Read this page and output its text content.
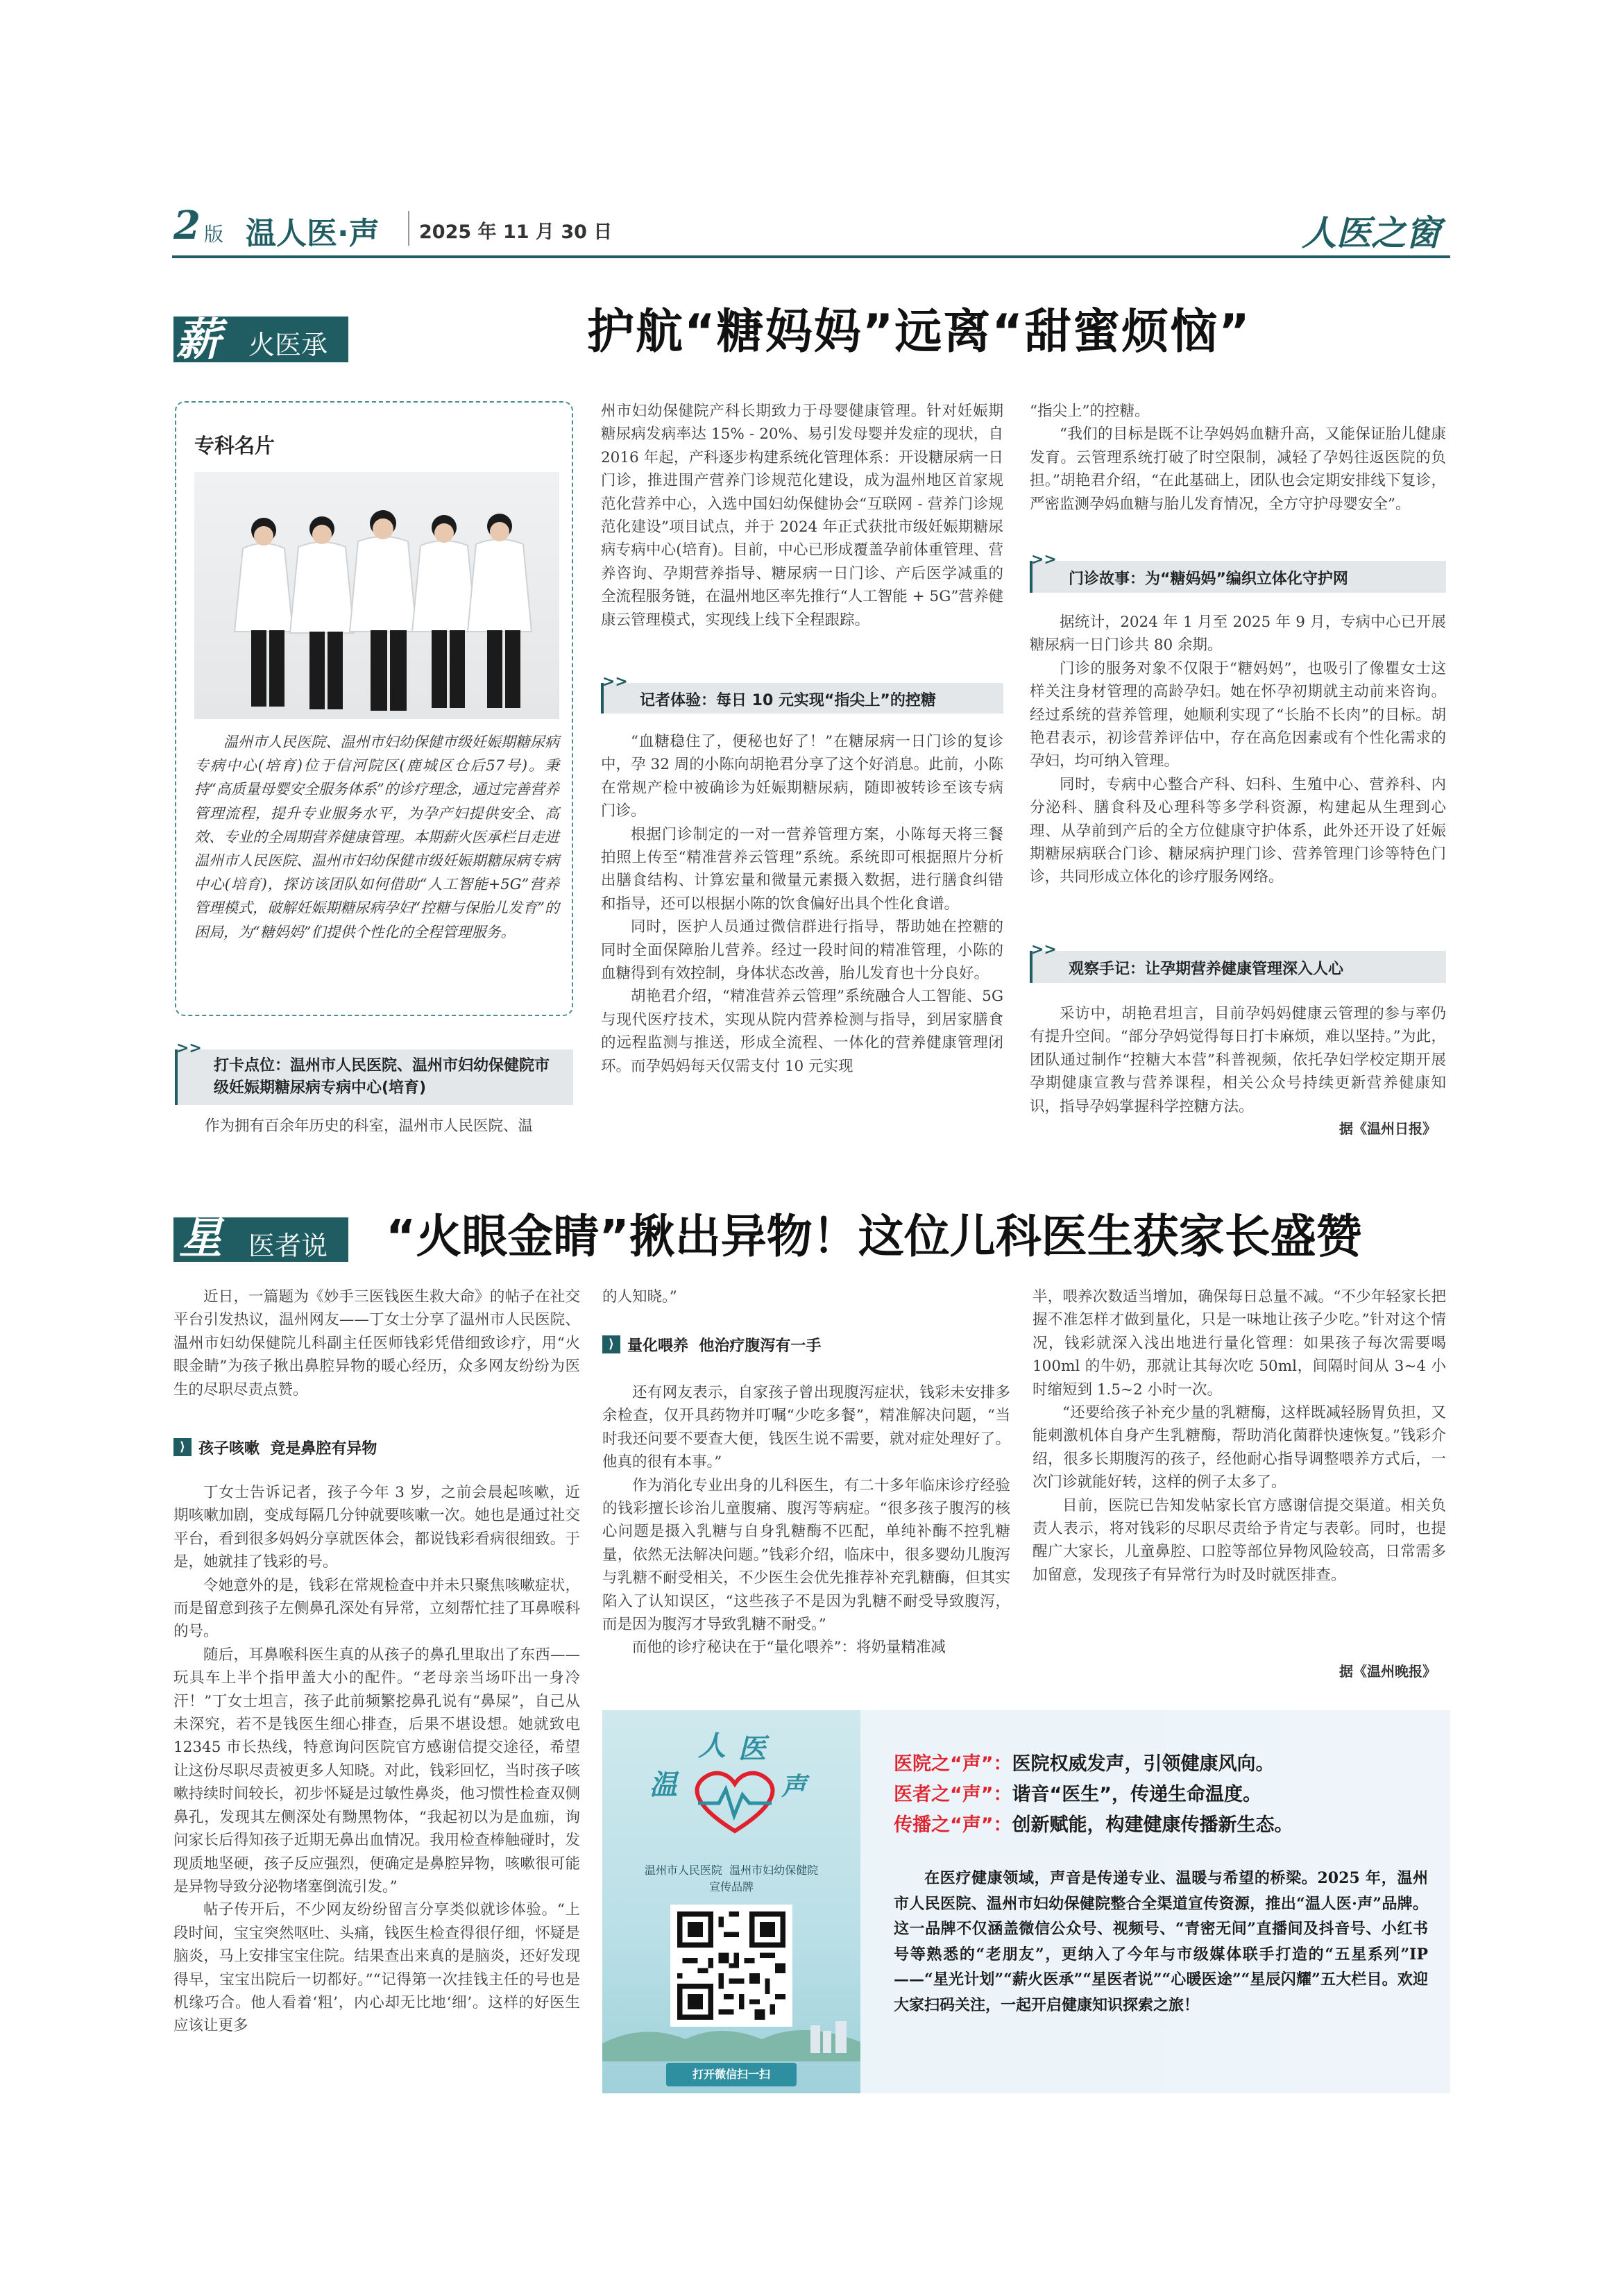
2 版 温人医·声 2025 年 11 月 30 日	人医之窗
薪 火医承	护航“糖妈妈”远离“甜蜜烦恼”
专科名片

温州市人民医院、温州市妇幼保健市级妊娠期糖尿病专病中心(培育)位于信河院区(鹿城区仓后57号)。秉持“高质量母婴安全服务体系”的诊疗理念，通过完善营养管理流程，提升专业服务水平，为孕产妇提供安全、高效、专业的全周期营养健康管理。本期薪火医承栏目走进温州市人民医院、温州市妇幼保健市级妊娠期糖尿病专病中心(培育)，探访该团队如何借助“人工智能+5G”营养管理模式，破解妊娠期糖尿病孕妇“控糖与保胎儿发育”的困局，为“糖妈妈”们提供个性化的全程管理服务。

>>
打卡点位：温州市人民医院、温州市妇幼保健院市级妊娠期糖尿病专病中心(培育)

作为拥有百余年历史的科室，温州市人民医院、温

州市妇幼保健院产科长期致力于母婴健康管理。针对妊娠期糖尿病发病率达 15% - 20%、易引发母婴并发症的现状，自 2016 年起，产科逐步构建系统化管理体系：开设糖尿病一日门诊，推进围产营养门诊规范化建设，成为温州地区首家规范化营养中心，入选中国妇幼保健协会“互联网 - 营养门诊规范化建设”项目试点，并于 2024 年正式获批市级妊娠期糖尿病专病中心(培育)。目前，中心已形成覆盖孕前体重管理、营养咨询、孕期营养指导、糖尿病一日门诊、产后医学减重的全流程服务链，在温州地区率先推行“人工智能 + 5G”营养健康云管理模式，实现线上线下全程跟踪。

>>
记者体验：每日 10 元实现“指尖上”的控糖

“血糖稳住了，便秘也好了！”在糖尿病一日门诊的复诊中，孕 32 周的小陈向胡艳君分享了这个好消息。此前，小陈在常规产检中被确诊为妊娠期糖尿病，随即被转诊至该专病门诊。

根据门诊制定的一对一营养管理方案，小陈每天将三餐拍照上传至“精准营养云管理”系统。系统即可根据照片分析出膳食结构、计算宏量和微量元素摄入数据，进行膳食纠错和指导，还可以根据小陈的饮食偏好出具个性化食谱。

同时，医护人员通过微信群进行指导，帮助她在控糖的同时全面保障胎儿营养。经过一段时间的精准管理，小陈的血糖得到有效控制，身体状态改善，胎儿发育也十分良好。

胡艳君介绍，“精准营养云管理”系统融合人工智能、5G 与现代医疗技术，实现从院内营养检测与指导，到居家膳食的远程监测与推送，形成全流程、一体化的营养健康管理闭环。而孕妈妈每天仅需支付 10 元实现

“指尖上”的控糖。

“我们的目标是既不让孕妈妈血糖升高，又能保证胎儿健康发育。云管理系统打破了时空限制，减轻了孕妈往返医院的负担。”胡艳君介绍，“在此基础上，团队也会定期安排线下复诊，严密监测孕妈血糖与胎儿发育情况，全方守护母婴安全”。

>>
门诊故事：为“糖妈妈”编织立体化守护网

据统计，2024 年 1 月至 2025 年 9 月，专病中心已开展糖尿病一日门诊共 80 余期。

门诊的服务对象不仅限于“糖妈妈”，也吸引了像瞿女士这样关注身材管理的高龄孕妇。她在怀孕初期就主动前来咨询。经过系统的营养管理，她顺利实现了“长胎不长肉”的目标。胡艳君表示，初诊营养评估中，存在高危因素或有个性化需求的孕妇，均可纳入管理。

同时，专病中心整合产科、妇科、生殖中心、营养科、内分泌科、膳食科及心理科等多学科资源，构建起从生理到心理、从孕前到产后的全方位健康守护体系，此外还开设了妊娠期糖尿病联合门诊、糖尿病护理门诊、营养管理门诊等特色门诊，共同形成立体化的诊疗服务网络。

>>
观察手记：让孕期营养健康管理深入人心

采访中，胡艳君坦言，目前孕妈妈健康云管理的参与率仍有提升空间。“部分孕妈觉得每日打卡麻烦，难以坚持。”为此，团队通过制作“控糖大本营”科普视频，依托孕妇学校定期开展孕期健康宣教与营养课程，相关公众号持续更新营养健康知识，指导孕妈掌握科学控糖方法。

据《温州日报》
星 医者说 “火眼金睛”揪出异物！这位儿科医生获家长盛赞

近日，一篇题为《妙手三医钱医生救大命》的帖子在社交平台引发热议，温州网友——丁女士分享了温州市人民医院、温州市妇幼保健院儿科副主任医师钱彩凭借细致诊疗，用“火眼金睛”为孩子揪出鼻腔异物的暖心经历，众多网友纷纷为医生的尽职尽责点赞。

⟩ 孩子咳嗽  竟是鼻腔有异物

丁女士告诉记者，孩子今年 3 岁，之前会晨起咳嗽，近期咳嗽加剧，变成每隔几分钟就要咳嗽一次。她也是通过社交平台，看到很多妈妈分享就医体会，都说钱彩看病很细致。于是，她就挂了钱彩的号。

令她意外的是，钱彩在常规检查中并未只聚焦咳嗽症状，而是留意到孩子左侧鼻孔深处有异常，立刻帮忙挂了耳鼻喉科的号。

随后，耳鼻喉科医生真的从孩子的鼻孔里取出了东西——玩具车上半个指甲盖大小的配件。“老母亲当场吓出一身冷汗！”丁女士坦言，孩子此前频繁挖鼻孔说有“鼻屎”，自己从未深究，若不是钱医生细心排查，后果不堪设想。她就致电 12345 市长热线，特意询问医院官方感谢信提交途径，希望让这份尽职尽责被更多人知晓。对此，钱彩回忆，当时孩子咳嗽持续时间较长，初步怀疑是过敏性鼻炎，他习惯性检查双侧鼻孔，发现其左侧深处有黝黑物体，“我起初以为是血痂，询问家长后得知孩子近期无鼻出血情况。我用检查棒触碰时，发现质地坚硬，孩子反应强烈，便确定是鼻腔异物，咳嗽很可能是异物导致分泌物堵塞倒流引发。”

帖子传开后，不少网友纷纷留言分享类似就诊体验。“上段时间，宝宝突然呕吐、头痛，钱医生检查得很仔细，怀疑是脑炎，马上安排宝宝住院。结果查出来真的是脑炎，还好发现得早，宝宝出院后一切都好。”“记得第一次挂钱主任的号也是机缘巧合。他人看着‘粗’，内心却无比地‘细’。这样的好医生应该让更多

的人知晓。”

⟩ 量化喂养  他治疗腹泻有一手

还有网友表示，自家孩子曾出现腹泻症状，钱彩未安排多余检查，仅开具药物并叮嘱“少吃多餐”，精准解决问题，“当时我还问要不要查大便，钱医生说不需要，就对症处理好了。他真的很有本事。”

作为消化专业出身的儿科医生，有二十多年临床诊疗经验的钱彩擅长诊治儿童腹痛、腹泻等病症。“很多孩子腹泻的核心问题是摄入乳糖与自身乳糖酶不匹配，单纯补酶不控乳糖量，依然无法解决问题。”钱彩介绍，临床中，很多婴幼儿腹泻与乳糖不耐受相关，不少医生会优先推荐补充乳糖酶，但其实陷入了认知误区，“这些孩子不是因为乳糖不耐受导致腹泻，而是因为腹泻才导致乳糖不耐受。”

而他的诊疗秘诀在于“量化喂养”：将奶量精准减

半，喂养次数适当增加，确保每日总量不减。“不少年轻家长把握不准怎样才做到量化，只是一味地让孩子少吃。”针对这个情况，钱彩就深入浅出地进行量化管理：如果孩子每次需要喝 100ml 的牛奶，那就让其每次吃 50ml，间隔时间从 3~4 小时缩短到 1.5~2 小时一次。

“还要给孩子补充少量的乳糖酶，这样既减轻肠胃负担，又能刺激机体自身产生乳糖酶，帮助消化菌群快速恢复。”钱彩介绍，很多长期腹泻的孩子，经他耐心指导调整喂养方式后，一次门诊就能好转，这样的例子太多了。

目前，医院已告知发帖家长官方感谢信提交渠道。相关负责人表示，将对钱彩的尽职尽责给予肯定与表彰。同时，也提醒广大家长，儿童鼻腔、口腔等部位异物风险较高，日常需多加留意，发现孩子有异常行为时及时就医排查。

据《温州晚报》
人 医
温	声
温州市人民医院  温州市妇幼保健院
宣传品牌
打开微信扫一扫
医院之“声”：医院权威发声，引领健康风向。
医者之“声”：谐音“医生”，传递生命温度。
传播之“声”：创新赋能，构建健康传播新生态。

在医疗健康领域，声音是传递专业、温暖与希望的桥梁。2025 年，温州市人民医院、温州市妇幼保健院整合全渠道宣传资源，推出“温人医·声”品牌。这一品牌不仅涵盖微信公众号、视频号、“青密无间”直播间及抖音号、小红书号等熟悉的“老朋友”，更纳入了今年与市级媒体联手打造的“五星系列”IP——“星光计划”“薪火医承”“星医者说”“心暖医途”“星辰闪耀”五大栏目。欢迎大家扫码关注，一起开启健康知识探索之旅！
